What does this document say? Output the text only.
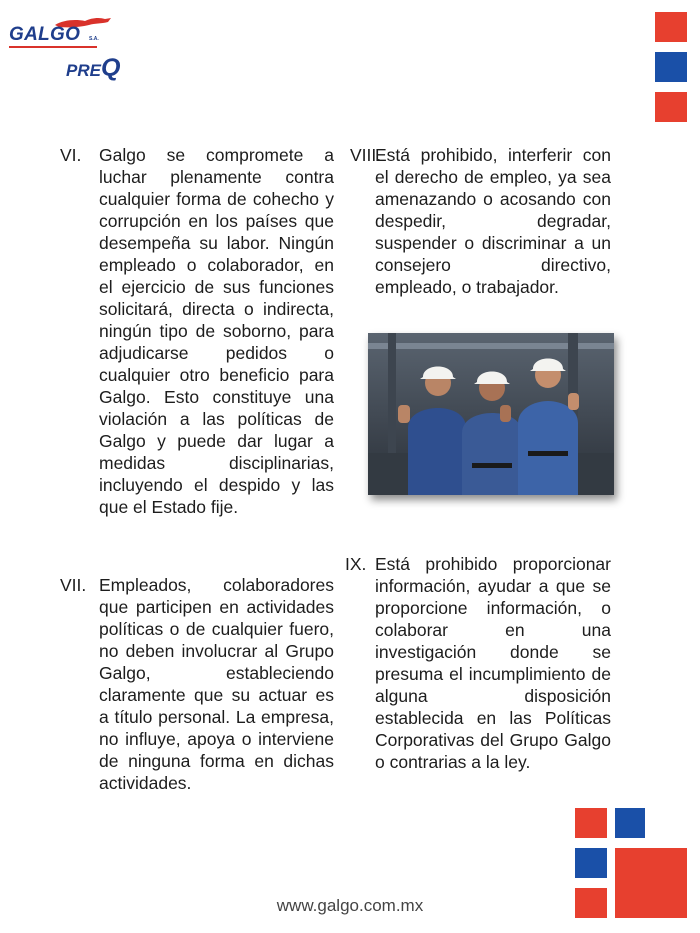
GALGO S.A.
PREQ
VI. Galgo se compromete a luchar plenamente contra cualquier forma de cohecho y corrupción en los países que desempeña su labor. Ningún empleado o colaborador, en el ejercicio de sus funciones solicitará, directa o indirecta, ningún tipo de soborno, para adjudicarse pedidos o cualquier otro beneficio para Galgo. Esto constituye una violación a las políticas de Galgo y puede dar lugar a medidas disciplinarias, incluyendo el despido y las que el Estado fije.
VII. Empleados, colaboradores que participen en actividades políticas o de cualquier fuero, no deben involucrar al Grupo Galgo, estableciendo claramente que su actuar es a título personal. La empresa, no influye, apoya o interviene de ninguna forma en dichas actividades.
VIII.
Está prohibido, interferir con el derecho de empleo, ya sea amenazando o acosando con despedir, degradar, suspender o discriminar a un consejero directivo, empleado, o trabajador.
IX. Está prohibido proporcionar información, ayudar a que se proporcione información, o colaborar en una investigación donde se presuma el incumplimiento de alguna disposición establecida en las Políticas Corporativas del Grupo Galgo o contrarias a la ley.
www.galgo.com.mx
